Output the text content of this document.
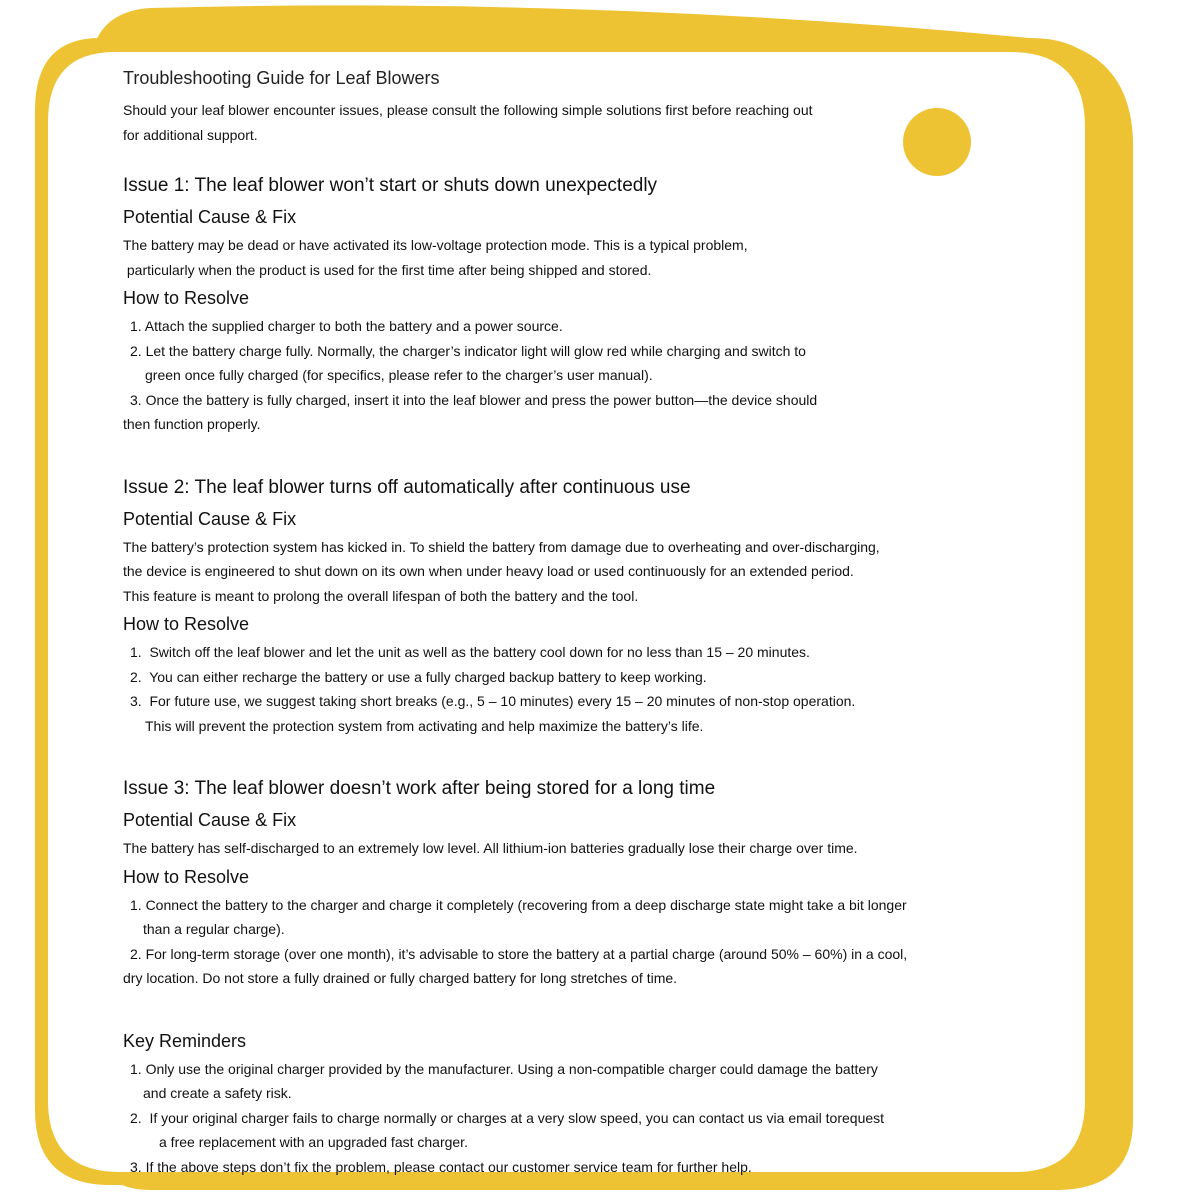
Troubleshooting Guide for Leaf Blowers

Should your leaf blower encounter issues, please consult the following simple solutions first before reaching out

for additional support.

Issue 1: The leaf blower won’t start or shuts down unexpectedly
Potential Cause & Fix

The battery may be dead or have activated its low-voltage protection mode. This is a typical problem,

particularly when the product is used for the first time after being shipped and stored.

How to Resolve

1. Attach the supplied charger to both the battery and a power source.

2. Let the battery charge fully. Normally, the charger’s indicator light will glow red while charging and switch to

green once fully charged (for specifics, please refer to the charger’s user manual).

3. Once the battery is fully charged, insert it into the leaf blower and press the power button—the device should

then function properly.

Issue 2: The leaf blower turns off automatically after continuous use
Potential Cause & Fix

The battery’s protection system has kicked in. To shield the battery from damage due to overheating and over-discharging,

the device is engineered to shut down on its own when under heavy load or used continuously for an extended period.

This feature is meant to prolong the overall lifespan of both the battery and the tool.

How to Resolve

1.  Switch off the leaf blower and let the unit as well as the battery cool down for no less than 15 – 20 minutes.

2.  You can either recharge the battery or use a fully charged backup battery to keep working.

3.  For future use, we suggest taking short breaks (e.g., 5 – 10 minutes) every 15 – 20 minutes of non-stop operation.

This will prevent the protection system from activating and help maximize the battery’s life.

Issue 3: The leaf blower doesn’t work after being stored for a long time
Potential Cause & Fix

The battery has self-discharged to an extremely low level. All lithium-ion batteries gradually lose their charge over time.

How to Resolve

1. Connect the battery to the charger and charge it completely (recovering from a deep discharge state might take a bit longer

than a regular charge).

2. For long-term storage (over one month), it’s advisable to store the battery at a partial charge (around 50% – 60%) in a cool,

dry location. Do not store a fully drained or fully charged battery for long stretches of time.

Key Reminders

1. Only use the original charger provided by the manufacturer. Using a non-compatible charger could damage the battery

and create a safety risk.

2.  If your original charger fails to charge normally or charges at a very slow speed, you can contact us via email torequest

a free replacement with an upgraded fast charger.

3. If the above steps don’t fix the problem, please contact our customer service team for further help.
